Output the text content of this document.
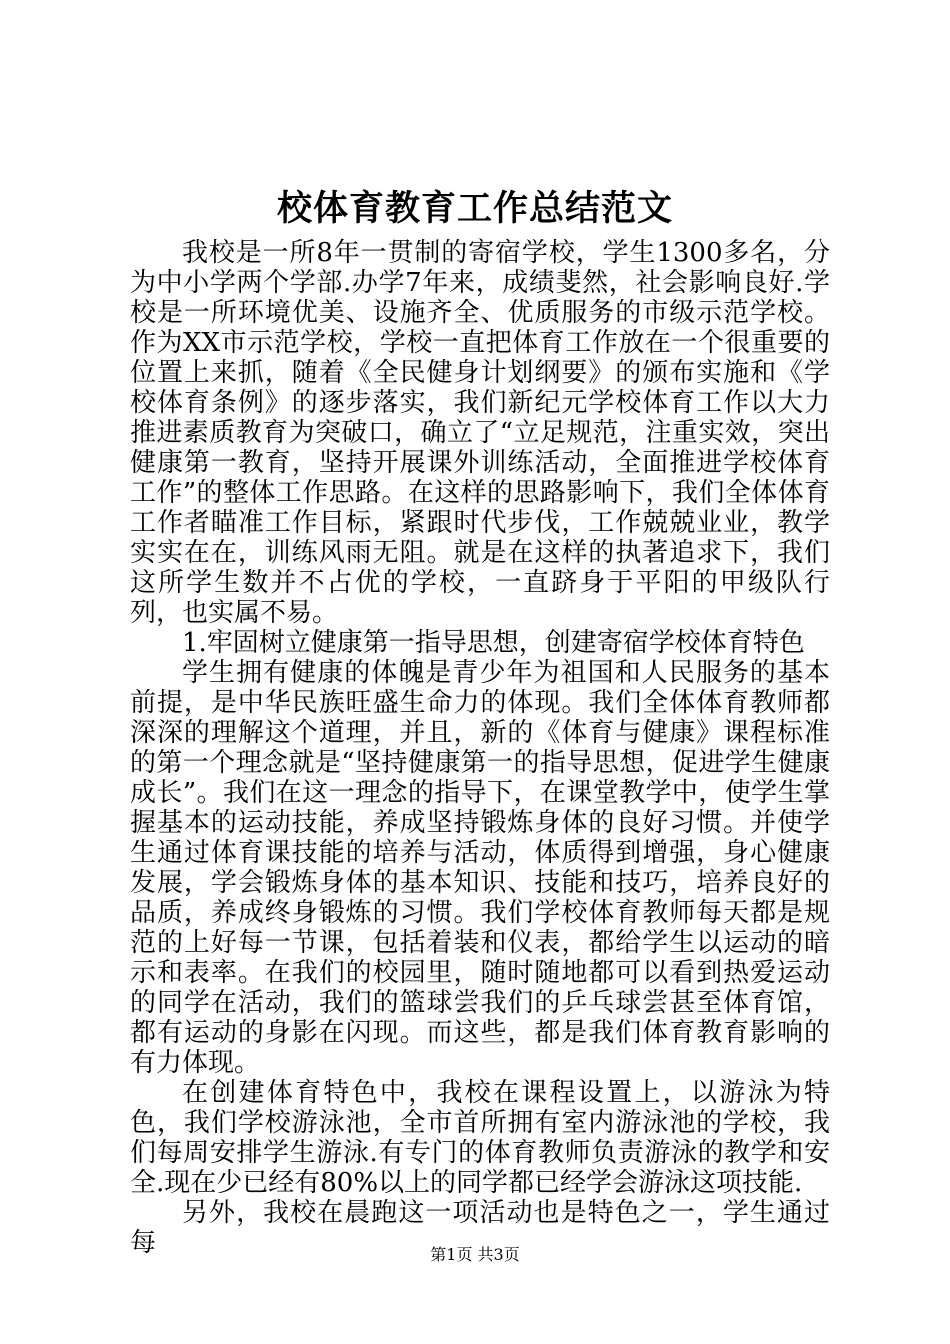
校体育教育工作总结范文

我校是一所8年一贯制的寄宿学校，学生1300多名，分为中小学两个学部.办学7年来，成绩斐然，社会影响良好.学校是一所环境优美、设施齐全、优质服务的市级示范学校。作为XX市示范学校，学校一直把体育工作放在一个很重要的位置上来抓，随着《全民健身计划纲要》的颁布实施和《学校体育条例》的逐步落实，我们新纪元学校体育工作以大力推进素质教育为突破口，确立了“立足规范，注重实效，突出健康第一教育，坚持开展课外训练活动，全面推进学校体育工作”的整体工作思路。在这样的思路影响下，我们全体体育工作者瞄准工作目标，紧跟时代步伐，工作兢兢业业，教学实实在在，训练风雨无阻。就是在这样的执著追求下，我们这所学生数并不占优的学校，一直跻身于平阳的甲级队行列，也实属不易。

1.牢固树立健康第一指导思想，创建寄宿学校体育特色

学生拥有健康的体魄是青少年为祖国和人民服务的基本前提，是中华民族旺盛生命力的体现。我们全体体育教师都深深的理解这个道理，并且，新的《体育与健康》课程标准的第一个理念就是“坚持健康第一的指导思想，促进学生健康成长”。我们在这一理念的指导下，在课堂教学中，使学生掌握基本的运动技能，养成坚持锻炼身体的良好习惯。并使学生通过体育课技能的培养与活动，体质得到增强，身心健康发展，学会锻炼身体的基本知识、技能和技巧，培养良好的品质，养成终身锻炼的习惯。我们学校体育教师每天都是规范的上好每一节课，包括着装和仪表，都给学生以运动的暗示和表率。在我们的校园里，随时随地都可以看到热爱运动的同学在活动，我们的篮球尝我们的乒乓球尝甚至体育馆，都有运动的身影在闪现。而这些，都是我们体育教育影响的有力体现。

在创建体育特色中，我校在课程设置上，以游泳为特色，我们学校游泳池，全市首所拥有室内游泳池的学校，我们每周安排学生游泳.有专门的体育教师负责游泳的教学和安全.现在少已经有80%以上的同学都已经学会游泳这项技能.

另外，我校在晨跑这一项活动也是特色之一，学生通过每	第1页 共3页
